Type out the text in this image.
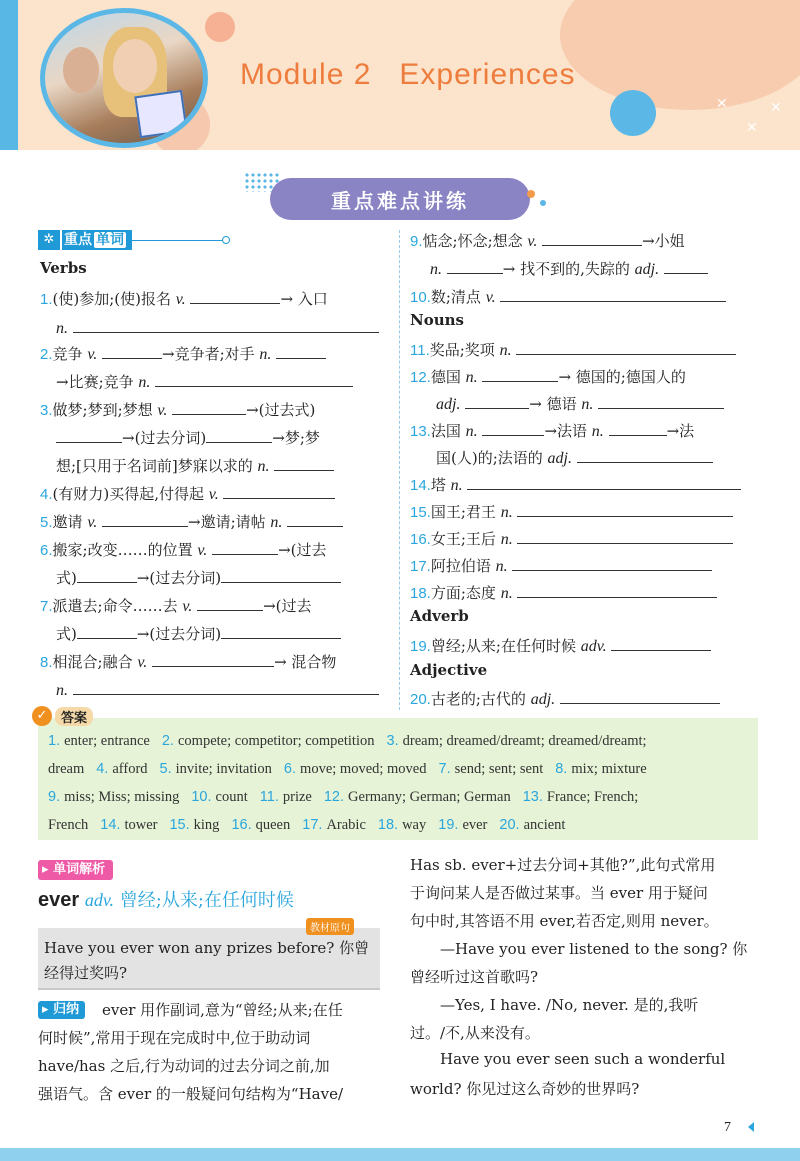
Module 2   Experiences
✕
✕
✕
重点难点讲练
✲ 重点 单词
Verbs
1.(使)参加;(使)报名 v.	→ 入口
n.
2.竞争 v.	→竞争者;对手 n.
→比赛;竞争 n.
3.做梦;梦到;梦想 v.	→(过去式)
→(过去分词)	→梦;梦
想;[只用于名词前]梦寐以求的 n.
4.(有财力)买得起,付得起 v.
5.邀请 v.	→邀请;请帖 n.
6.搬家;改变……的位置 v.	→(过去
式)	→(过去分词)
7.派遣去;命令……去 v.	→(过去
式)	→(过去分词)
8.相混合;融合 v.	→ 混合物
n.
9.惦念;怀念;想念 v.	→小姐
n.	→ 找不到的,失踪的 adj.
10.数;清点 v.
Nouns
11.奖品;奖项 n.
12.德国 n.	→ 德国的;德国人的
adj.	→ 德语 n.
13.法国 n.	→法语 n.	→法
国(人)的;法语的 adj.
14.塔 n.
15.国王;君王 n.
16.女王;王后 n.
17.阿拉伯语 n.
18.方面;态度 n.
Adverb
19.曾经;从来;在任何时候 adv.
Adjective
20.古老的;古代的 adj.
✓	答案
1. enter; entrance 2. compete; competitor; competition 3. dream; dreamed/dreamt; dreamed/dreamt;
dream 4. afford 5. invite; invitation 6. move; moved; moved 7. send; sent; sent 8. mix; mixture
9. miss; Miss; missing 10. count 11. prize 12. Germany; German; German 13. France; French;
French 14. tower 15. king 16. queen 17. Arabic 18. way 19. ever 20. ancient
▸ 单词解析
ever adv. 曾经;从来;在任何时候
教材原句
Have you ever won any prizes before? 你曾
经得过奖吗?
▸ 归纳	ever 用作副词,意为“曾经;从来;在任
何时候”,常用于现在完成时中,位于助动词
have/has 之后,行为动词的过去分词之前,加
强语气。含 ever 的一般疑问句结构为“Have/
Has sb. ever+过去分词+其他?”,此句式常用
于询问某人是否做过某事。当 ever 用于疑问
句中时,其答语不用 ever,若否定,则用 never。
—Have you ever listened to the song? 你
曾经听过这首歌吗?
—Yes, I have. /No, never. 是的,我听
过。/不,从来没有。
Have you ever seen such a wonderful
world? 你见过这么奇妙的世界吗?
7
